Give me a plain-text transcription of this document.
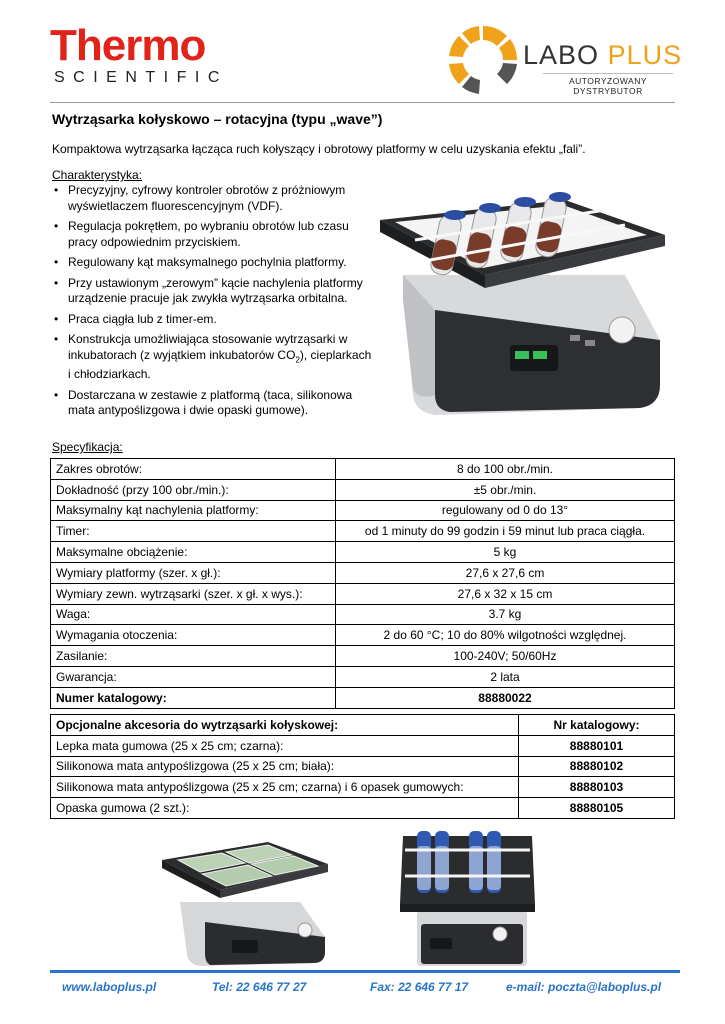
Thermo
SCIENTIFIC
LABO PLUS
AUTORYZOWANY
DYSTRYBUTOR
Wytrząsarka kołyskowo – rotacyjna (typu „wave”)
Kompaktowa wytrząsarka łącząca ruch kołyszący i obrotowy platformy w celu uzyskania efektu „fali”.
Charakterystyka:
• Precyzyjny, cyfrowy kontroler obrotów z próżniowym wyświetlaczem fluorescencyjnym (VDF).
• Regulacja pokrętłem, po wybraniu obrotów lub czasu pracy odpowiednim przyciskiem.
• Regulowany kąt maksymalnego pochylnia platformy.
• Przy ustawionym „zerowym” kącie nachylenia platformy urządzenie pracuje jak zwykła wytrząsarka orbitalna.
• Praca ciągła lub z timer-em.
• Konstrukcja umożliwiająca stosowanie wytrząsarki w inkubatorach (z wyjątkiem inkubatorów $CO_2$), cieplarkach i chłodziarkach.
• Dostarczana w zestawie z platformą (taca, silikonowa mata antypoślizgowa i dwie opaski gumowe).
Specyfikacja:
Zakres obrotów:	8 do 100 obr./min.
Dokładność (przy 100 obr./min.):	±5 obr./min.
Maksymalny kąt nachylenia platformy:	regulowany od 0 do 13°
Timer:	od 1 minuty do 99 godzin i 59 minut lub praca ciągła.
Maksymalne obciążenie:	5 kg
Wymiary platformy (szer. x gł.):	27,6 x 27,6 cm
Wymiary zewn. wytrząsarki (szer. x gł. x wys.):	27,6 x 32 x 15 cm
Waga:	3.7 kg
Wymagania otoczenia:	2 do 60 °C; 10 do 80% wilgotności względnej.
Zasilanie:	100-240V; 50/60Hz
Gwarancja:	2 lata
Numer katalogowy:	88880022
Opcjonalne akcesoria do wytrząsarki kołyskowej:	Nr katalogowy:
Lepka mata gumowa (25 x 25 cm; czarna):	88880101
Silikonowa mata antypoślizgowa (25 x 25 cm; biała):	88880102
Silikonowa mata antypoślizgowa (25 x 25 cm; czarna) i 6 opasek gumowych:	88880103
Opaska gumowa (2 szt.):	88880105
www.laboplus.pl	Tel: 22 646 77 27	Fax: 22 646 77 17	e-mail: poczta@laboplus.pl
